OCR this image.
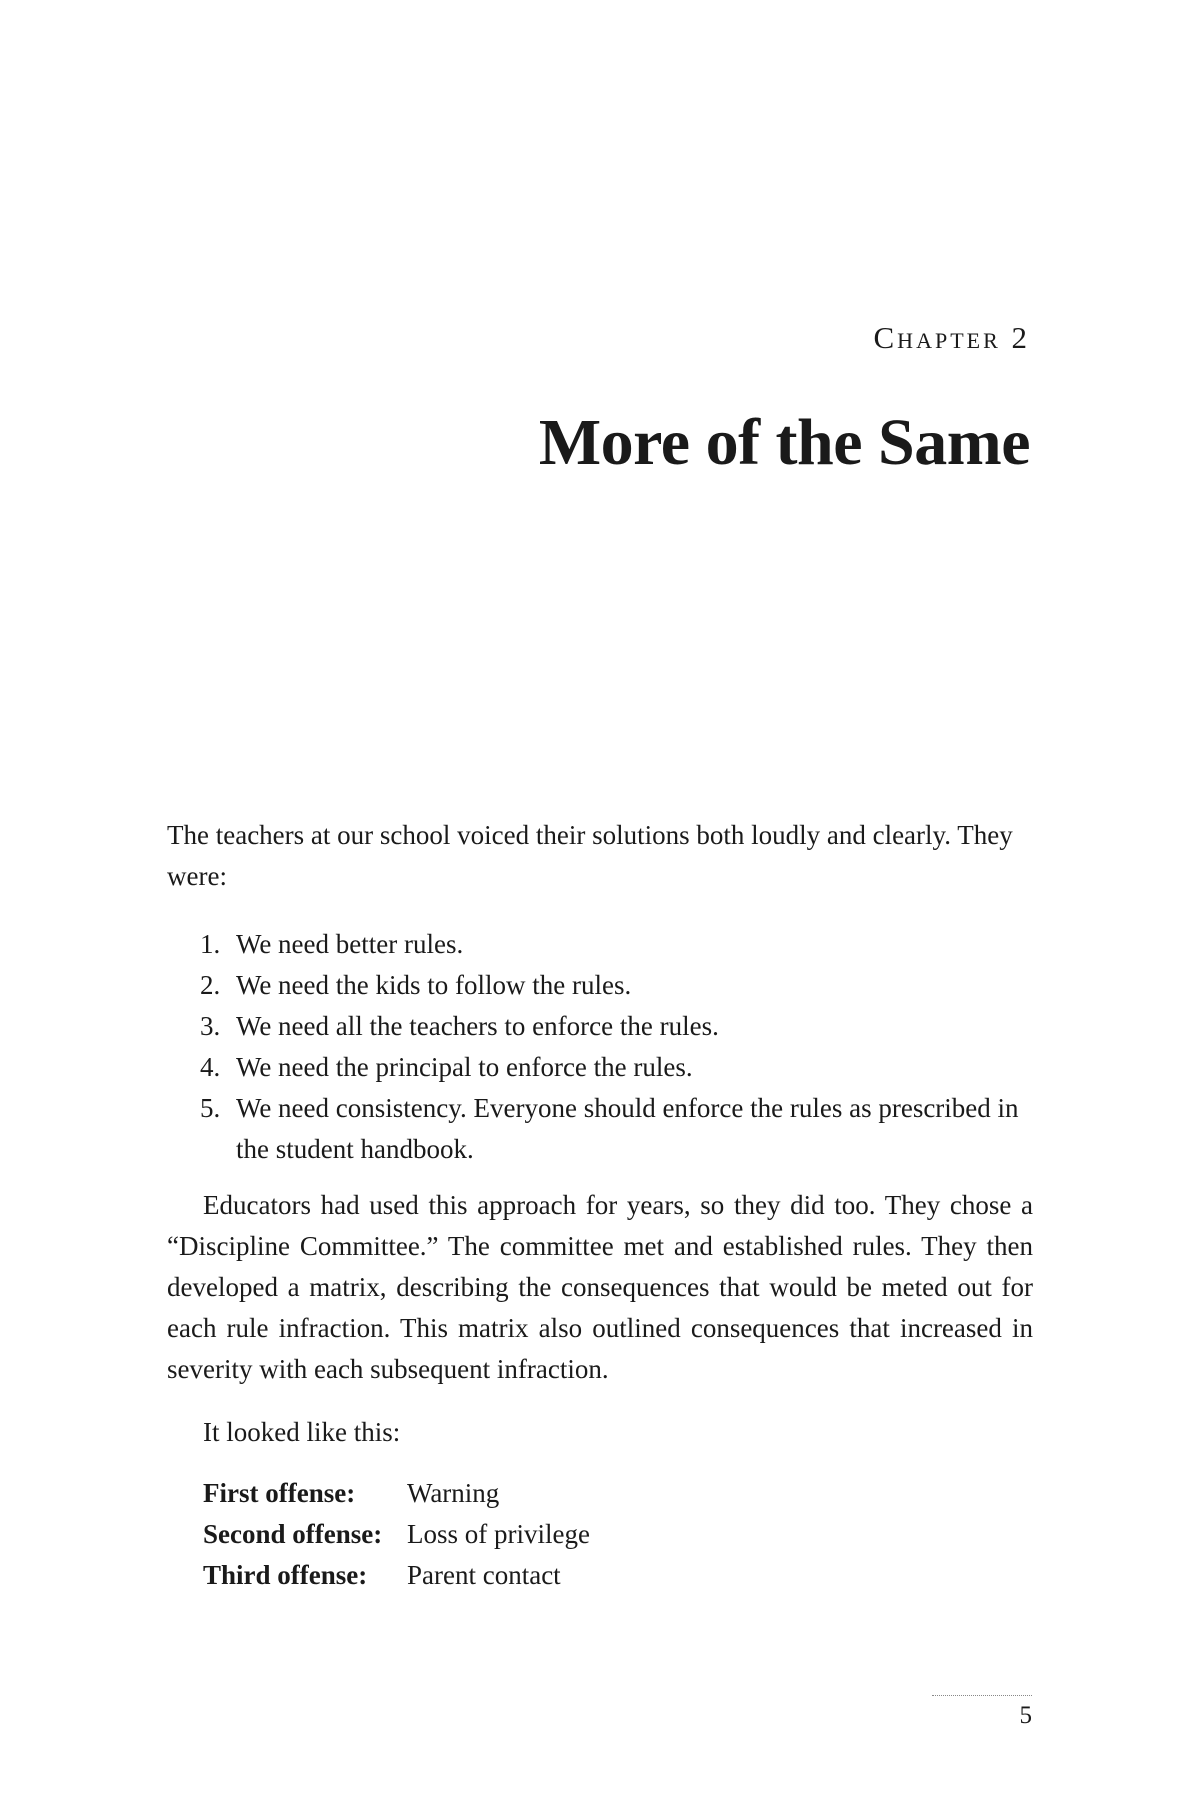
Chapter 2
More of the Same

The teachers at our school voiced their solutions both loudly and clearly. They were:

1. We need better rules.
2. We need the kids to follow the rules.
3. We need all the teachers to enforce the rules.
4. We need the principal to enforce the rules.
5. We need consistency. Everyone should enforce the rules as prescribed in the student handbook.

Educators had used this approach for years, so they did too. They chose a “Discipline Committee.” The committee met and established rules. They then developed a matrix, describing the consequences that would be meted out for each rule infraction. This matrix also outlined consequences that increased in severity with each subsequent infraction.

It looked like this:

First offense:	Warning
Second offense: Loss of privilege
Third offense:	Parent contact
5
